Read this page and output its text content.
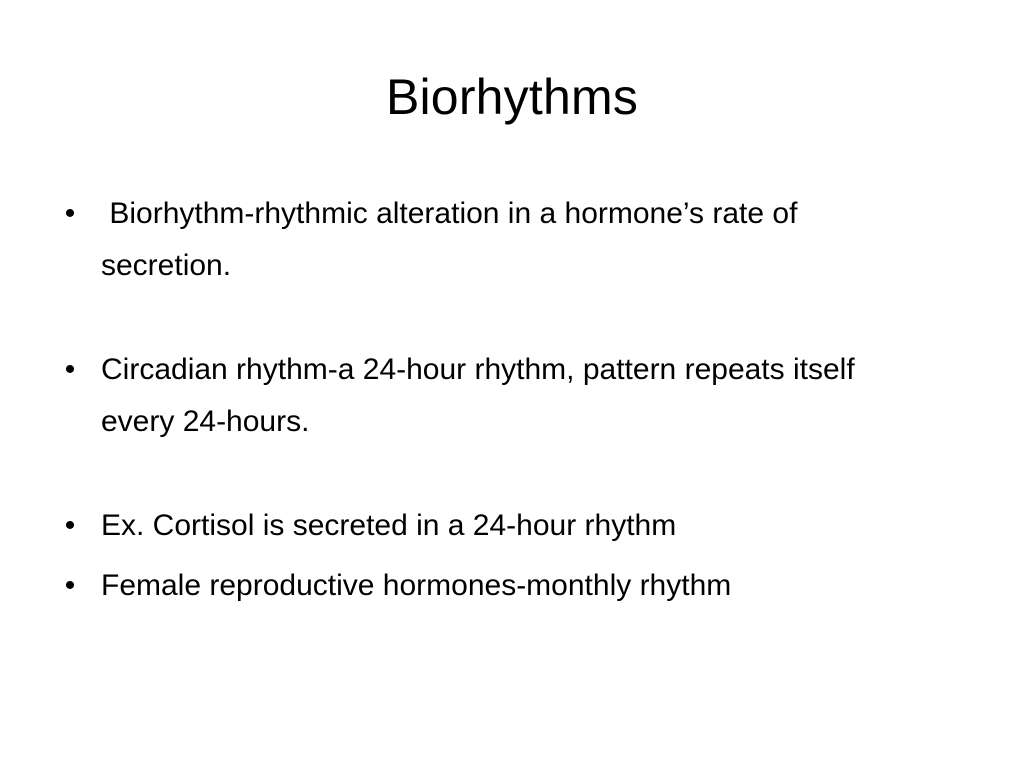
Biorhythms
• Biorhythm-rhythmic alteration in a hormone’s rate of secretion.
• Circadian rhythm-a 24-hour rhythm, pattern repeats itself every 24-hours.
• Ex. Cortisol is secreted in a 24-hour rhythm
• Female reproductive hormones-monthly rhythm
